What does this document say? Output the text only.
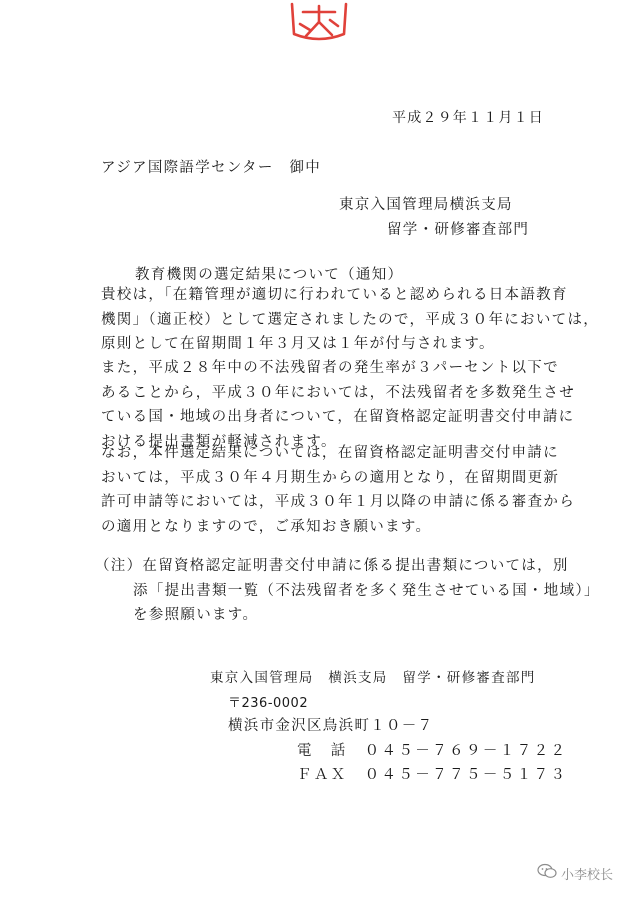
平成２９年１１月１日
アジア国際語学センター　御中
東京入国管理局横浜支局
留学・研修審査部門
教育機関の選定結果について（通知）
貴校は，「在籍管理が適切に行われていると認められる日本語教育
機関」（適正校）として選定されましたので，平成３０年においては，
原則として在留期間１年３月又は１年が付与されます。
また，平成２８年中の不法残留者の発生率が３パーセント以下で
あることから，平成３０年においては，不法残留者を多数発生させ
ている国・地域の出身者について，在留資格認定証明書交付申請に
おける提出書類が軽減されます。
なお，本件選定結果については，在留資格認定証明書交付申請に
おいては，平成３０年４月期生からの適用となり，在留期間更新
許可申請等においては，平成３０年１月以降の申請に係る審査から
の適用となりますので，ご承知おき願います。
（注）在留資格認定証明書交付申請に係る提出書類については，別
添「提出書類一覧（不法残留者を多く発生させている国・地域）」
を参照願います。
東京入国管理局　横浜支局　留学・研修審査部門
〒236-0002
横浜市金沢区鳥浜町１０－７
電　話　０４５－７６９－１７２２
ＦＡＸ　０４５－７７５－５１７３
小李校长
